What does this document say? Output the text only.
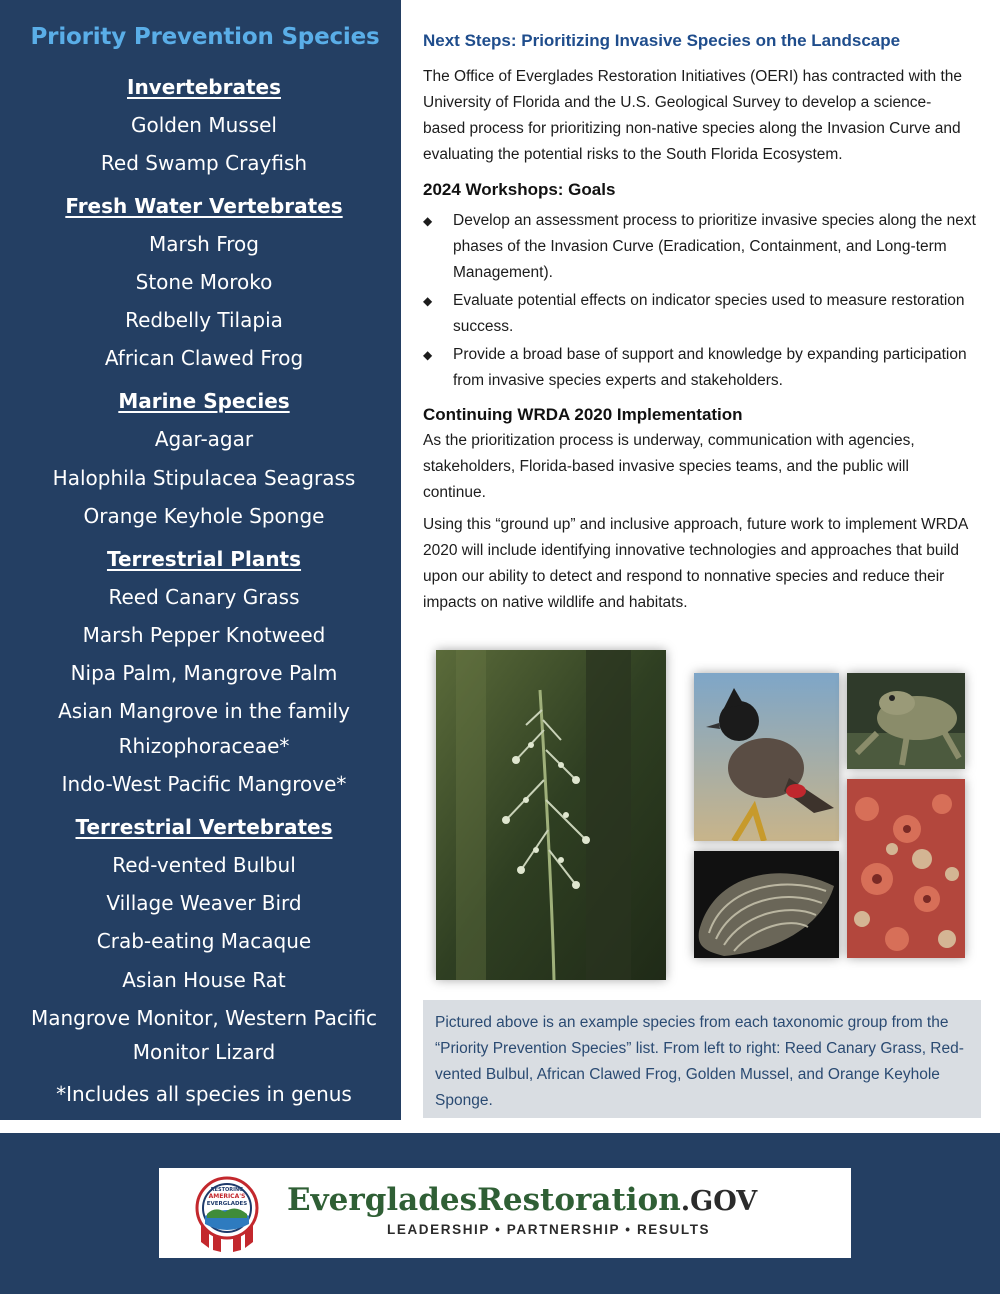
Priority Prevention Species
Invertebrates
Golden Mussel
Red Swamp Crayfish
Fresh Water Vertebrates
Marsh Frog
Stone Moroko
Redbelly Tilapia
African Clawed Frog
Marine Species
Agar-agar
Halophila Stipulacea Seagrass
Orange Keyhole Sponge
Terrestrial Plants
Reed Canary Grass
Marsh Pepper Knotweed
Nipa Palm, Mangrove Palm
Asian Mangrove in the family
Rhizophoraceae*
Indo-West Pacific Mangrove*
Terrestrial Vertebrates
Red-vented Bulbul
Village Weaver Bird
Crab-eating Macaque
Asian House Rat
Mangrove Monitor, Western Pacific
Monitor Lizard
*Includes all species in genus
Next Steps: Prioritizing Invasive Species on the Landscape

The Office of Everglades Restoration Initiatives (OERI) has contracted with the University of Florida and the U.S. Geological Survey to develop a science-based process for prioritizing non-native species along the Invasion Curve and evaluating the potential risks to the South Florida Ecosystem.

2024 Workshops: Goals
◆ Develop an assessment process to prioritize invasive species along the next phases of the Invasion Curve (Eradication, Containment, and Long-term Management).
◆ Evaluate potential effects on indicator species used to measure restoration success.
◆ Provide a broad base of support and knowledge by expanding participation from invasive species experts and stakeholders.
Continuing WRDA 2020 Implementation

As the prioritization process is underway, communication with agencies, stakeholders, Florida-based invasive species teams, and the public will continue.

Using this “ground up” and inclusive approach, future work to implement WRDA 2020 will include identifying innovative technologies and approaches that build upon our ability to detect and respond to nonnative species and reduce their impacts on native wildlife and habitats.

Pictured above is an example species from each taxonomic group from the “Priority Prevention Species” list. From left to right: Reed Canary Grass, Red-vented Bulbul, African Clawed Frog, Golden Mussel, and Orange Keyhole Sponge.
RESTORING
AMERICA'S
EVERGLADES EvergladesRestoration.GOV
LEADERSHIP • PARTNERSHIP • RESULTS
